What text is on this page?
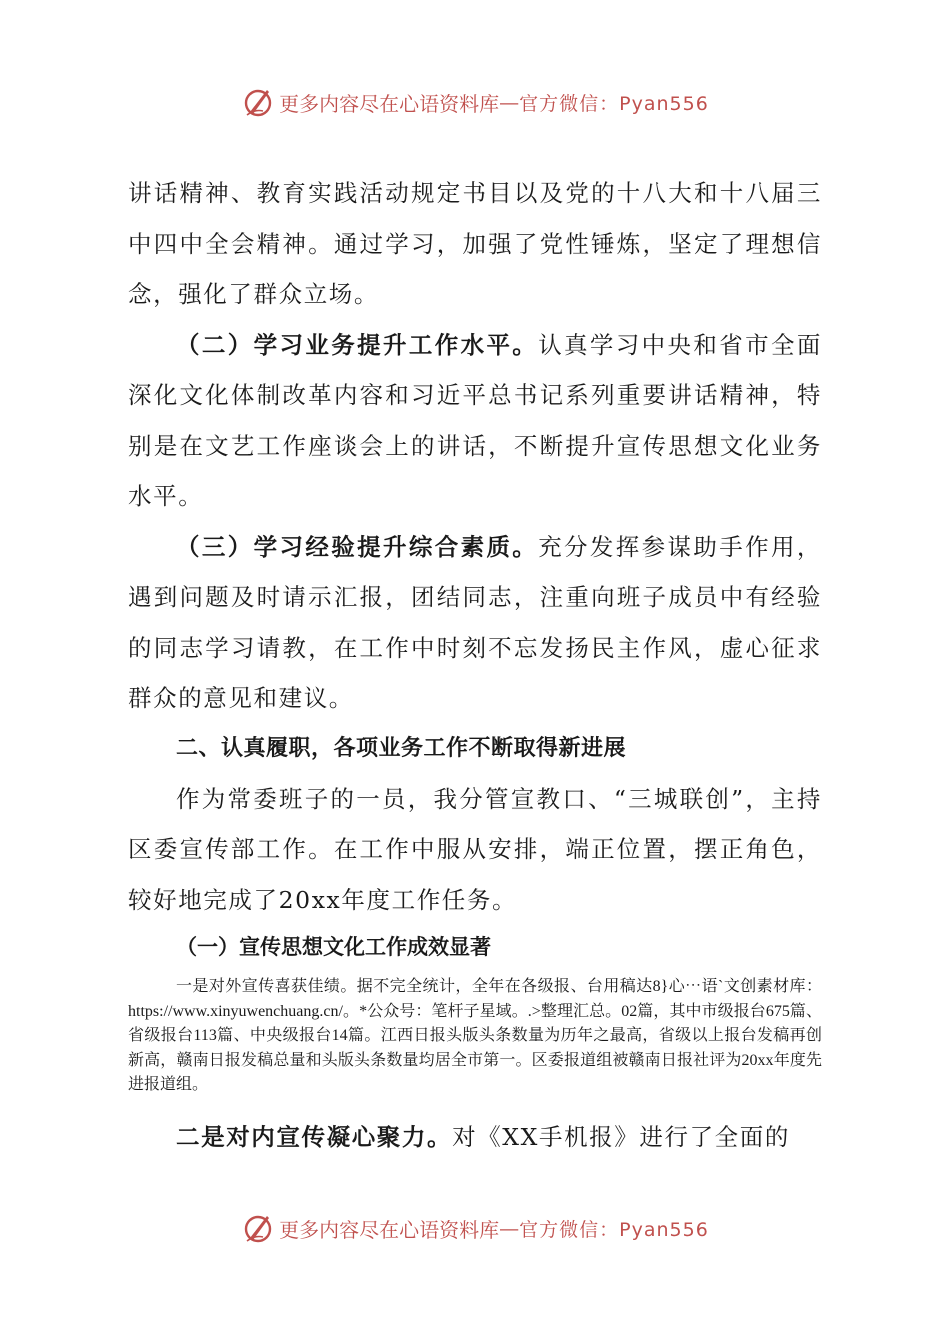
更多内容尽在心语资料库 — 官方微信：Pyan556

讲话精神、教育实践活动规定书目以及党的十八大和十八届三中四中全会精神。通过学习，加强了党性锤炼，坚定了理想信念，强化了群众立场。

（二）学习业务提升工作水平。认真学习中央和省市全面深化文化体制改革内容和习近平总书记系列重要讲话精神，特别是在文艺工作座谈会上的讲话，不断提升宣传思想文化业务水平。

（三）学习经验提升综合素质。充分发挥参谋助手作用，遇到问题及时请示汇报，团结同志，注重向班子成员中有经验的同志学习请教，在工作中时刻不忘发扬民主作风，虚心征求群众的意见和建议。

二、认真履职，各项业务工作不断取得新进展

作为常委班子的一员，我分管宣教口、“三城联创”，主持区委宣传部工作。在工作中服从安排，端正位置，摆正角色，较好地完成了20xx年度工作任务。

（一）宣传思想文化工作成效显著

一是对外宣传喜获佳绩。据不完全统计，全年在各级报、台用稿达8}心⋯语`文创素材库：https://www.xinyuwenchuang.cn/。*公众号：笔杆子星域。.>整理汇总。02篇，其中市级报台675篇、省级报台113篇、中央级报台14篇。江西日报头版头条数量为历年之最高，省级以上报台发稿再创新高，赣南日报发稿总量和头版头条数量均居全市第一。区委报道组被赣南日报社评为20xx年度先进报道组。

二是对内宣传凝心聚力。对《XX手机报》进行了全面的

更多内容尽在心语资料库 — 官方微信：Pyan556
